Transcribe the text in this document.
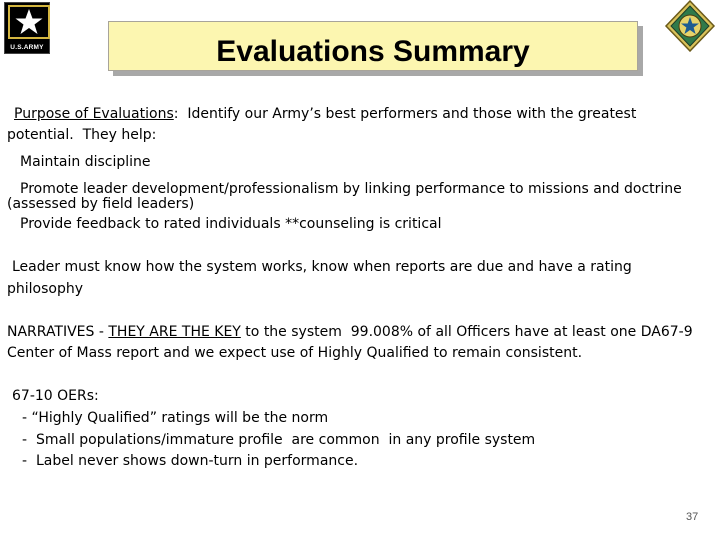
U.S.ARMY	Evaluations Summary
Purpose of Evaluations:  Identify our Army’s best performers and those with the greatest
potential.  They help:
Maintain discipline
Promote leader development/professionalism by linking performance to missions and doctrine
(assessed by field leaders)
Provide feedback to rated individuals **counseling is critical
Leader must know how the system works, know when reports are due and have a rating
philosophy
NARRATIVES - THEY ARE THE KEY to the system  99.008% of all Officers have at least one DA67-9
Center of Mass report and we expect use of Highly Qualified to remain consistent.
67-10 OERs:
- “Highly Qualified” ratings will be the norm
-  Small populations/immature profile  are common  in any profile system
-  Label never shows down-turn in performance.
37
